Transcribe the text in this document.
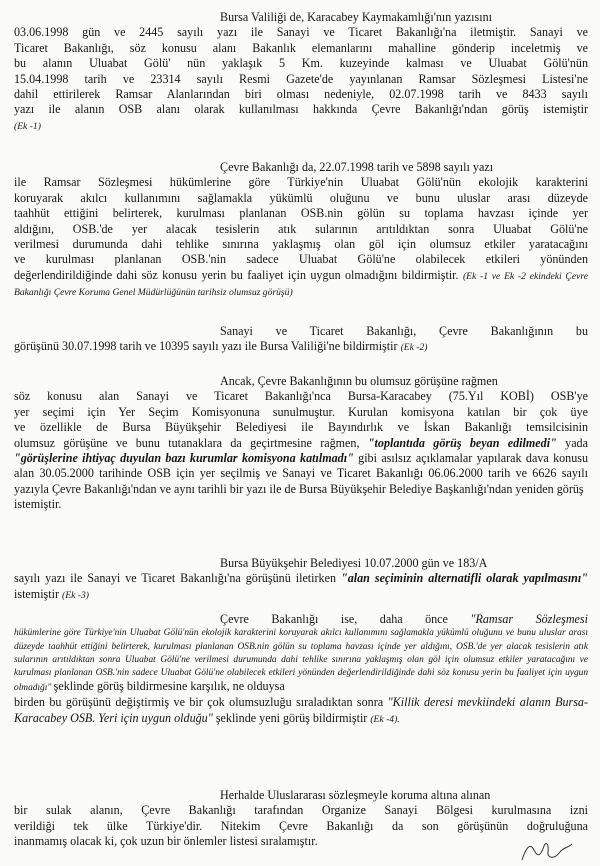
Bursa Valiliği de, Karacabey Kaymakamlığı'nın yazısını
03.06.1998 gün ve 2445 sayılı yazı ile Sanayi ve Ticaret Bakanlığı'na iletmiştir. Sanayi ve
Ticaret Bakanlığı, söz konusu alanı Bakanlık elemanlarını mahalline gönderip inceletmiş ve
bu alanın Uluabat Gölü' nün yaklaşık 5 Km. kuzeyinde kalması ve Uluabat Gölü'nün
15.04.1998 tarih ve 23314 sayılı Resmi Gazete'de yayınlanan Ramsar Sözleşmesi Listesi'ne
dahil ettirilerek Ramsar Alanlarından biri olması nedeniyle, 02.07.1998 tarih ve 8433 sayılı
yazı ile alanın OSB alanı olarak kullanılması hakkında Çevre Bakanlığı'ndan görüş istemiştir
(Ek -1)
Çevre Bakanlığı da, 22.07.1998 tarih ve 5898 sayılı yazı
ile Ramsar Sözleşmesi hükümlerine göre Türkiye'nin Uluabat Gölü'nün ekolojik karakterini
koruyarak akılcı kullanımını sağlamakla yükümlü oluğunu ve bunu uluslar arası düzeyde
taahhüt ettiğini belirterek, kurulması planlanan OSB.nin gölün su toplama havzası içinde yer
aldığını, OSB.'de yer alacak tesislerin atık sularının arıtıldıktan sonra Uluabat Gölü'ne
verilmesi durumunda dahi tehlike sınırına yaklaşmış olan göl için olumsuz etkiler yaratacağını
ve kurulması planlanan OSB.'nin sadece Uluabat Gölü'ne olabilecek etkileri yönünden
değerlendirildiğinde dahi söz konusu yerin bu faaliyet için uygun olmadığını bildirmiştir. (Ek -1 ve Ek -2 ekindeki Çevre Bakanlığı Çevre Koruma Genel Müdürlüğünün tarihsiz olumsuz görüşü)
Sanayi ve Ticaret Bakanlığı, Çevre Bakanlığının bu
görüşünü 30.07.1998 tarih ve 10395 sayılı yazı ile Bursa Valiliği'ne bildirmiştir (Ek -2)
Ancak, Çevre Bakanlığının bu olumsuz görüşüne rağmen
söz konusu alan Sanayi ve Ticaret Bakanlığı'nca Bursa-Karacabey (75.Yıl KOBİ) OSB'ye
yer seçimi için Yer Seçim Komisyonuna sunulmuştur. Kurulan komisyona katılan bir çok üye
ve özellikle de Bursa Büyükşehir Belediyesi ile Bayındırlık ve İskan Bakanlığı temsilcisinin
olumsuz görüşüne ve bunu tutanaklara da geçirtmesine rağmen, "toplantıda görüş beyan edilmedi" yada "görüşlerine ihtiyaç duyulan bazı kurumlar komisyona katılmadı" gibi asılsız açıklamalar yapılarak dava konusu alan 30.05.2000 tarihinde OSB için yer seçilmiş ve Sanayi ve Ticaret Bakanlığı 06.06.2000 tarih ve 6626 sayılı yazıyla Çevre Bakanlığı'ndan ve aynı tarihli bir yazı ile de Bursa Büyükşehir Belediye Başkanlığı'ndan yeniden görüş
istemiştir.
Bursa Büyükşehir Belediyesi 10.07.2000 gün ve 183/A
sayılı yazı ile Sanayi ve Ticaret Bakanlığı'na görüşünü iletirken "alan seçiminin alternatifli olarak yapılmasını" istemiştir (Ek -3)
Çevre Bakanlığı ise, daha önce "Ramsar Sözleşmesi
hükümlerine göre Türkiye'nin Uluabat Gölü'nün ekolojik karakterini koruyarak akılcı kullanımını sağlamakla yükümlü oluğunu ve bunu uluslar arası düzeyde taahhüt ettiğini belirterek, kurulması planlanan OSB.nin gölün su toplama havzası içinde yer aldığını, OSB.'de yer alacak tesislerin atık sularının arıtıldıktan sonra Uluabat Gölü'ne verilmesi durumunda dahi tehlike sınırına yaklaşmış olan göl için olumsuz etkiler yaratacağını ve kurulması planlanan OSB.'nin sadece Uluabat Gölü'ne olabilecek etkileri yönünden değerlendirildiğinde dahi söz konusu yerin bu faaliyet için uygun olmadığı" şeklinde görüş bildirmesine karşılık, ne olduysa
birden bu görüşünü değiştirmiş ve bir çok olumsuzluğu sıraladıktan sonra "Killik deresi mevkiindeki alanın Bursa-Karacabey OSB. Yeri için uygun olduğu" şeklinde yeni görüş bildirmiştir (Ek -4).
Herhalde Uluslararası sözleşmeyle koruma altına alınan
bir sulak alanın, Çevre Bakanlığı tarafından Organize Sanayi Bölgesi kurulmasına izni
verildiği tek ülke Türkiye'dir. Nitekim Çevre Bakanlığı da son görüşünün doğruluğuna
inanmamış olacak ki, çok uzun bir önlemler listesi sıralamıştır.
